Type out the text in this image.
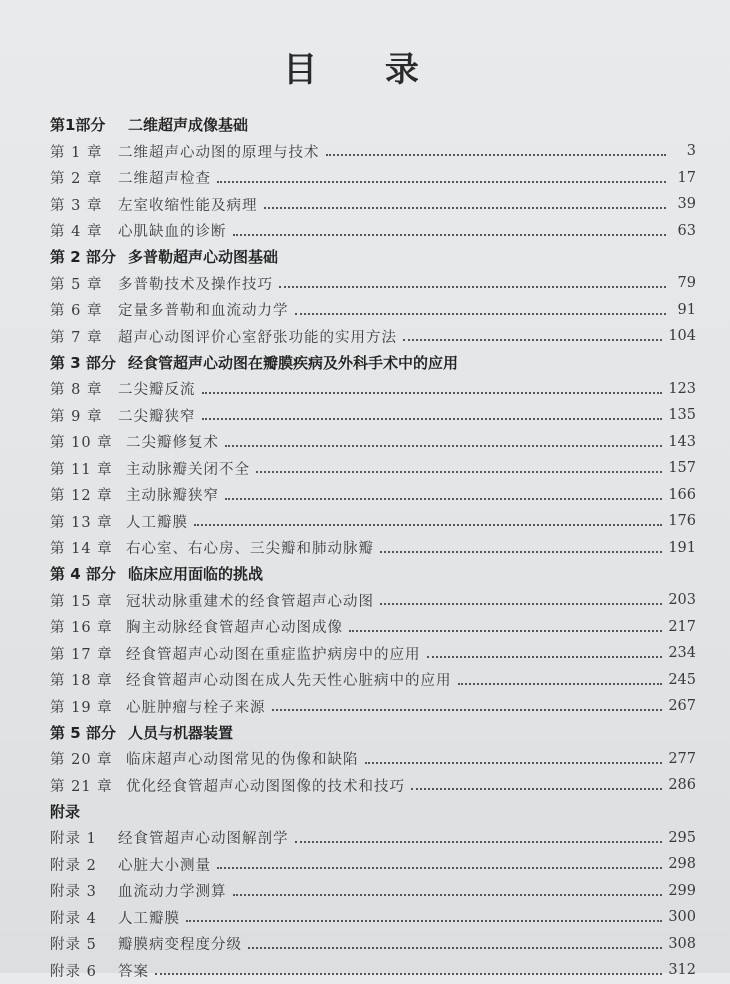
目 录
第1部分 二维超声成像基础
第 1 章	二维超声心动图的原理与技术	3
第 2 章	二维超声检查	17
第 3 章	左室收缩性能及病理	39
第 4 章	心肌缺血的诊断	63
第 2 部分 多普勒超声心动图基础
第 5 章	多普勒技术及操作技巧	79
第 6 章	定量多普勒和血流动力学	91
第 7 章	超声心动图评价心室舒张功能的实用方法	104
第 3 部分 经食管超声心动图在瓣膜疾病及外科手术中的应用
第 8 章	二尖瓣反流	123
第 9 章	二尖瓣狭窄	135
第 10 章 二尖瓣修复术	143
第 11 章 主动脉瓣关闭不全	157
第 12 章 主动脉瓣狭窄	166
第 13 章 人工瓣膜	176
第 14 章 右心室、右心房、三尖瓣和肺动脉瓣	191
第 4 部分 临床应用面临的挑战
第 15 章 冠状动脉重建术的经食管超声心动图	203
第 16 章 胸主动脉经食管超声心动图成像	217
第 17 章 经食管超声心动图在重症监护病房中的应用	234
第 18 章 经食管超声心动图在成人先天性心脏病中的应用	245
第 19 章 心脏肿瘤与栓子来源	267
第 5 部分 人员与机器装置
第 20 章 临床超声心动图常见的伪像和缺陷	277
第 21 章 优化经食管超声心动图图像的技术和技巧	286
附录
附录 1	经食管超声心动图解剖学	295
附录 2	心脏大小测量	298
附录 3	血流动力学测算	299
附录 4	人工瓣膜	300
附录 5	瓣膜病变程度分级	308
附录 6	答案	312
